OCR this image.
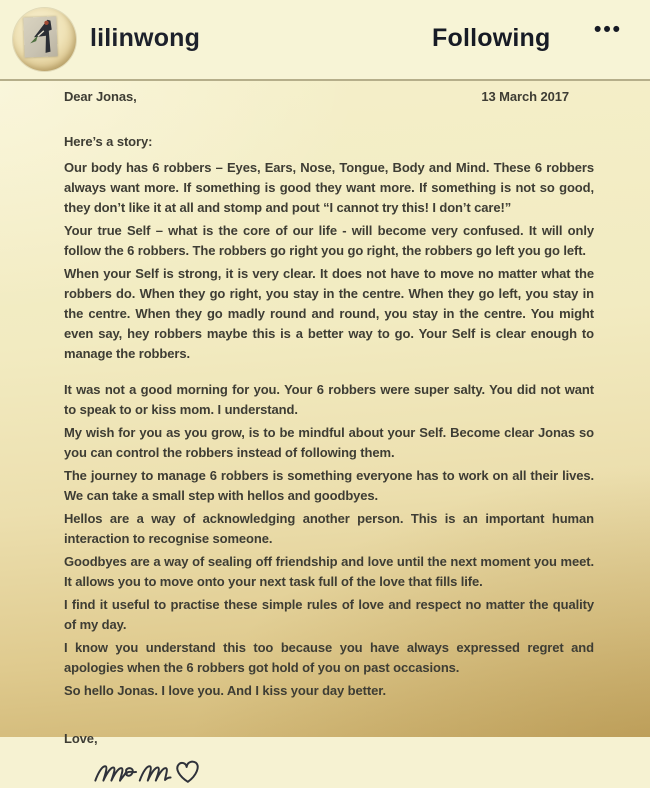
lilinwong	Following	•••
Dear Jonas,	13 March 2017
Here’s a story:

Our body has 6 robbers – Eyes, Ears, Nose, Tongue, Body and Mind. These 6 robbers always want more. If something is good they want more. If something is not so good, they don’t like it at all and stomp and pout “I cannot try this! I don’t care!”

Your true Self – what is the core of our life - will become very confused. It will only follow the 6 robbers. The robbers go right you go right, the robbers go left you go left.

When your Self is strong, it is very clear. It does not have to move no matter what the robbers do. When they go right, you stay in the centre. When they go left, you stay in the centre. When they go madly round and round, you stay in the centre. You might even say, hey robbers maybe this is a better way to go. Your Self is clear enough to manage the robbers.

It was not a good morning for you. Your 6 robbers were super salty. You did not want to speak to or kiss mom. I understand.

My wish for you as you grow, is to be mindful about your Self. Become clear Jonas so you can control the robbers instead of following them.

The journey to manage 6 robbers is something everyone has to work on all their lives. We can take a small step with hellos and goodbyes.

Hellos are a way of acknowledging another person. This is an important human interaction to recognise someone.

Goodbyes are a way of sealing off friendship and love until the next moment you meet. It allows you to move onto your next task full of the love that fills life.

I find it useful to practise these simple rules of love and respect no matter the quality of my day.

I know you understand this too because you have always expressed regret and apologies when the 6 robbers got hold of you on past occasions.

So hello Jonas. I love you. And I kiss your day better.

Love,
